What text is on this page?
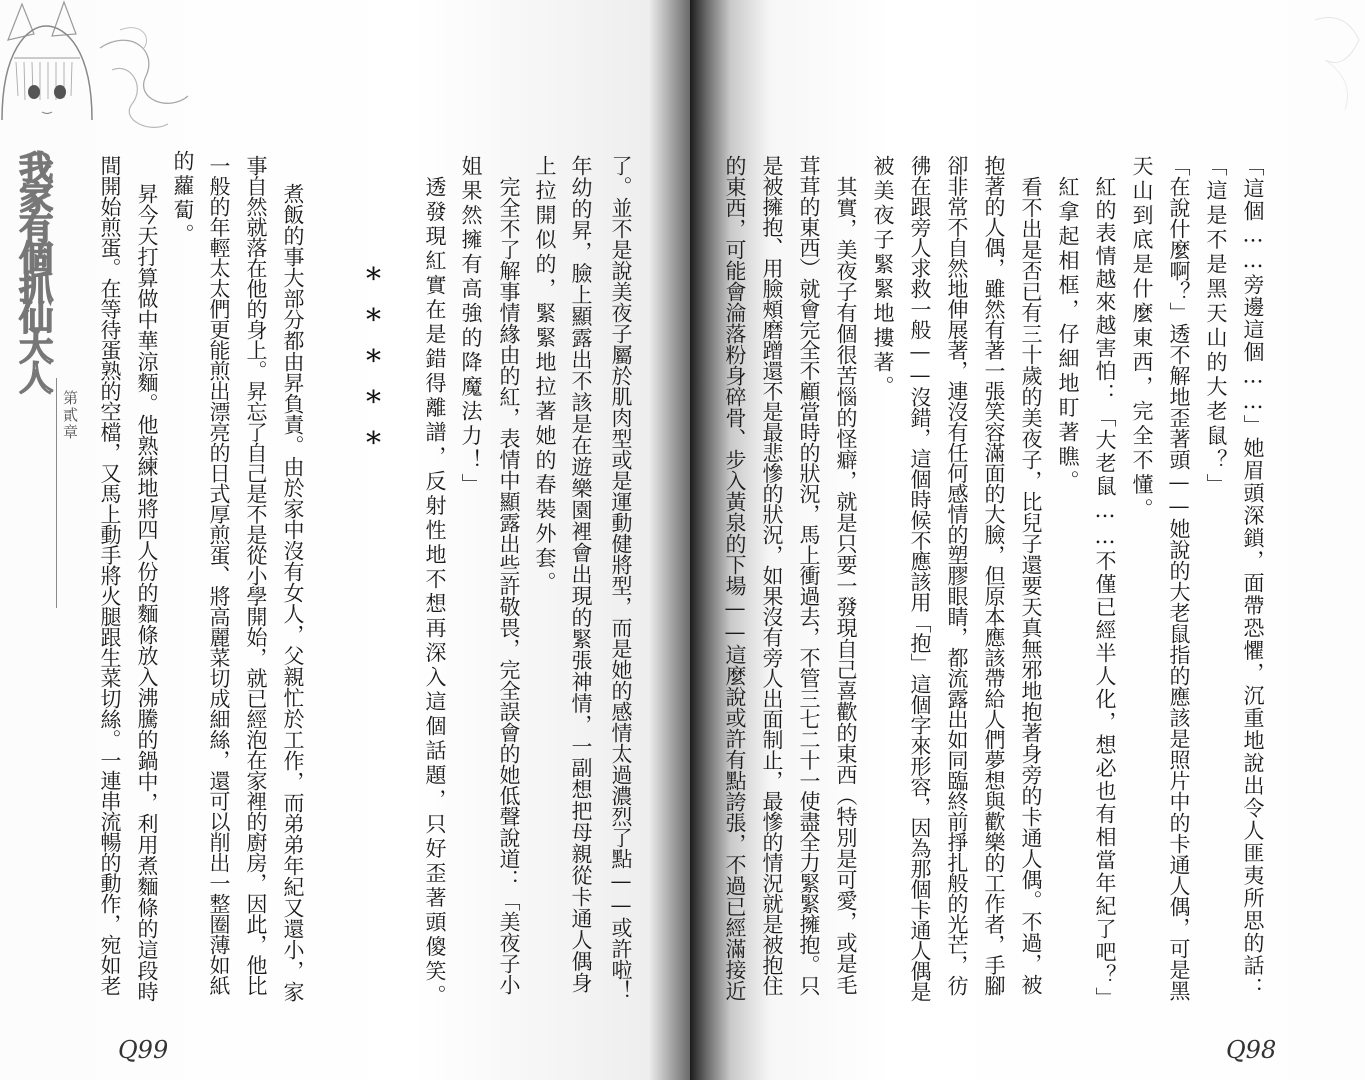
我家有個抓仙大人
第貳章	了。並不是說美夜子屬於肌肉型或是運動健將型，而是她的感情太過濃烈了點——或許啦！
年幼的昇，臉上顯露出不該是在遊樂園裡會出現的緊張神情，一副想把母親從卡通人偶身
上拉開似的，緊緊地拉著她的春裝外套。
完全不了解事情緣由的紅，表情中顯露出些許敬畏，完全誤會的她低聲說道：「美夜子小
姐果然擁有高強的降魔法力！」
透發現紅實在是錯得離譜，反射性地不想再深入這個話題，只好歪著頭傻笑。
*****
煮飯的事大部分都由昇負責。由於家中沒有女人，父親忙於工作，而弟弟年紀又還小，家
事自然就落在他的身上。昇忘了自己是不是從小學開始，就已經泡在家裡的廚房，因此，他比
一般的年輕太太們更能煎出漂亮的日式厚煎蛋、將高麗菜切成細絲，還可以削出一整圈薄如紙
的蘿蔔。
昇今天打算做中華涼麵。他熟練地將四人份的麵條放入沸騰的鍋中，利用煮麵條的這段時
間開始煎蛋。在等待蛋熟的空檔，又馬上動手將火腿跟生菜切絲。一連串流暢的動作，宛如老
Q99
「這個……旁邊這個……」她眉頭深鎖，面帶恐懼，沉重地說出令人匪夷所思的話：
「這是不是黑天山的大老鼠？」
「在說什麼啊？」透不解地歪著頭——她說的大老鼠指的應該是照片中的卡通人偶，可是黑
天山到底是什麼東西，完全不懂。
紅的表情越來越害怕：「大老鼠……不僅已經半人化，想必也有相當年紀了吧？」
紅拿起相框，仔細地盯著瞧。
看不出是否已有三十歲的美夜子，比兒子還要天真無邪地抱著身旁的卡通人偶。不過，被
抱著的人偶，雖然有著一張笑容滿面的大臉，但原本應該帶給人們夢想與歡樂的工作者，手腳
卻非常不自然地伸展著，連沒有任何感情的塑膠眼睛，都流露出如同臨終前掙扎般的光芒，彷
彿在跟旁人求救一般——沒錯，這個時候不應該用「抱」這個字來形容，因為那個卡通人偶是
被美夜子緊緊地摟著。
其實，美夜子有個很苦惱的怪癖，就是只要一發現自己喜歡的東西（特別是可愛，或是毛
茸茸的東西）就會完全不顧當時的狀況，馬上衝過去，不管三七二十一使盡全力緊緊擁抱。只
是被擁抱、用臉頰磨蹭還不是最悲慘的狀況，如果沒有旁人出面制止，最慘的情況就是被抱住
的東西，可能會淪落粉身碎骨、步入黃泉的下場——這麼說或許有點誇張，不過已經滿接近
Q98
